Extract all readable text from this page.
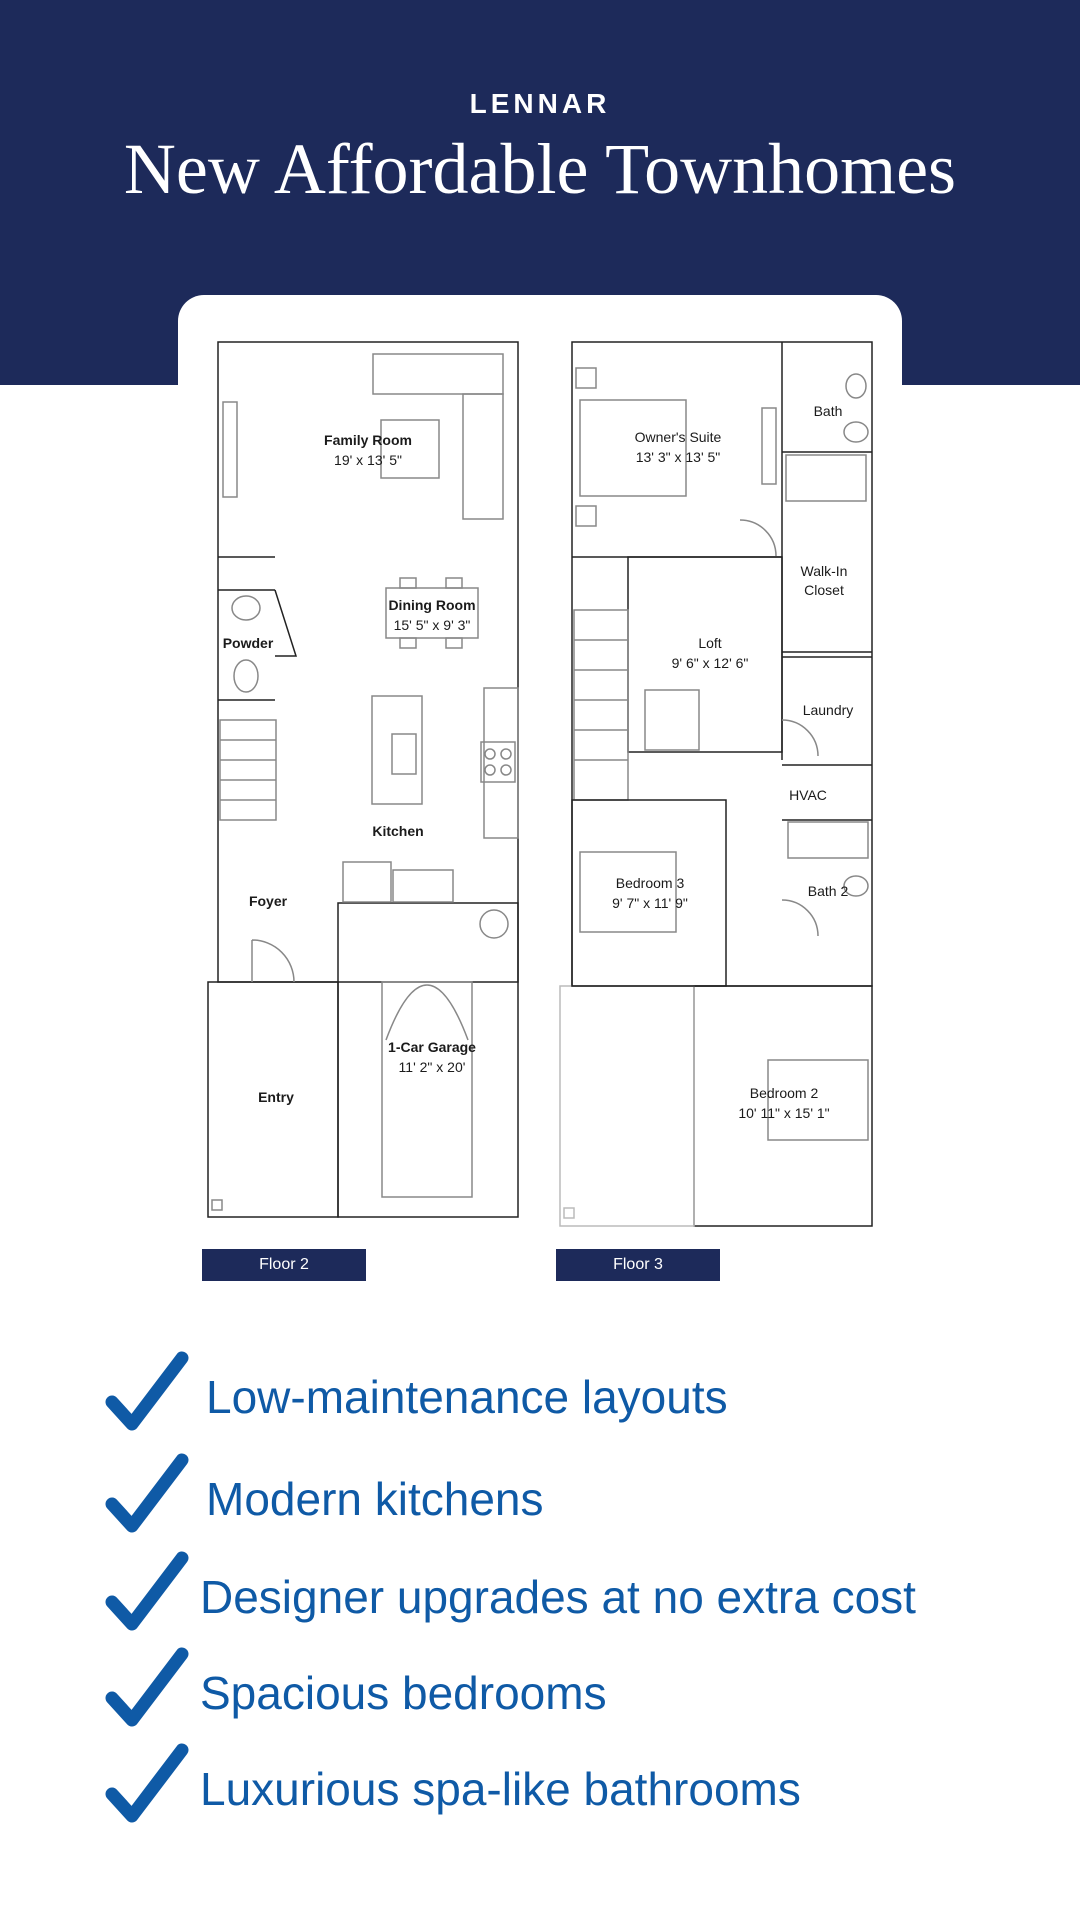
LENNAR
New Affordable Townhomes
Family Room
19' x 13' 5"
Dining Room
15' 5" x 9' 3"
Powder
Kitchen
Foyer
1-Car Garage
11' 2" x 20'
Entry
Owner's Suite
13' 3" x 13' 5"
Bath
Walk-In
Closet
Loft
9' 6" x 12' 6"
Laundry
HVAC
Bedroom 3
9' 7" x 11' 9"
Bath 2
Bedroom 2
10' 11" x 15' 1"
Floor 2	Floor 3
Low-maintenance layouts
Modern kitchens
Designer upgrades at no extra cost
Spacious bedrooms
Luxurious spa-like bathrooms
